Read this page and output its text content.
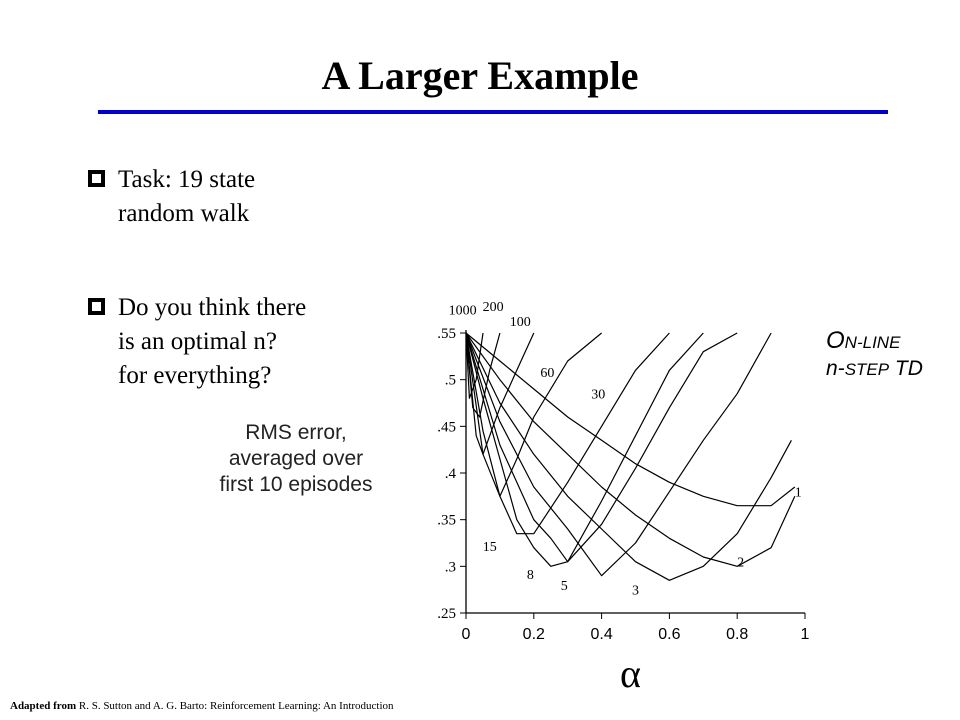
A Larger Example
Task: 19 state
random walk
Do you think there
is an optimal n?
for everything?
RMS error,
averaged over
first 10 episodes
.25
.3
.35
.4
.45
.5
.55
0	0.2	0.4	0.6	0.8	1
1
2
3
5
8
15
30
60
100
200
1000
ON-LINE
n-STEP TD
α
Adapted from R. S. Sutton and A. G. Barto: Reinforcement Learning: An Introduction
